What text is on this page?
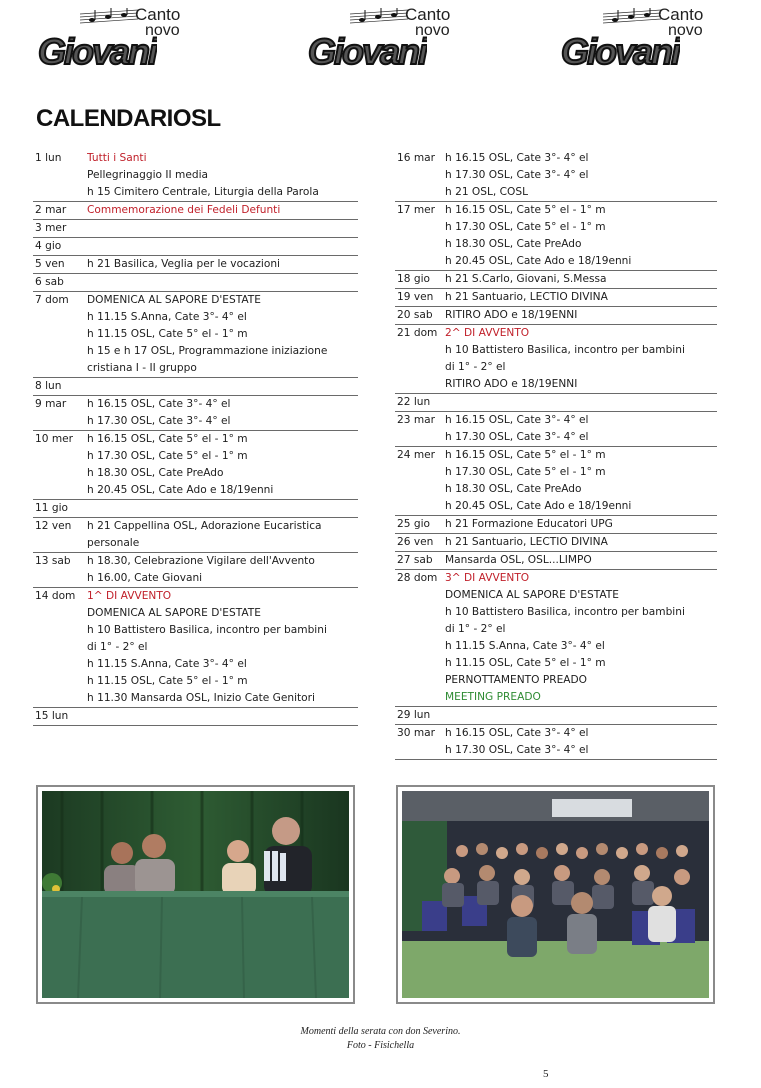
Canto
novo
Giovani
Canto
novo
Giovani
Canto
novo
Giovani
CALENDARIOSL
1 lun	Tutti i Santi
Pellegrinaggio II media
h 15 Cimitero Centrale, Liturgia della Parola
2 mar	Commemorazione dei Fedeli Defunti
3 mer

4 gio

5 ven	h 21 Basilica, Veglia per le vocazioni
6 sab

7 dom	DOMENICA AL SAPORE D'ESTATE
h 11.15 S.Anna, Cate 3°- 4° el
h 11.15 OSL, Cate 5° el - 1° m
h 15 e h 17 OSL, Programmazione iniziazione
cristiana I - II gruppo
8 lun

9 mar	h 16.15 OSL, Cate 3°- 4° el
h 17.30 OSL, Cate 3°- 4° el
10 mer	h 16.15 OSL, Cate 5° el - 1° m
h 17.30 OSL, Cate 5° el - 1° m
h 18.30 OSL, Cate PreAdo
h 20.45 OSL, Cate Ado e 18/19enni
11 gio

12 ven	h 21 Cappellina OSL, Adorazione Eucaristica
personale
13 sab	h 18.30, Celebrazione Vigilare dell'Avvento
h 16.00, Cate Giovani
14 dom	1^ DI AVVENTO
DOMENICA AL SAPORE D'ESTATE
h 10 Battistero Basilica, incontro per bambini
di 1° - 2° el
h 11.15 S.Anna, Cate 3°- 4° el
h 11.15 OSL, Cate 5° el - 1° m
h 11.30 Mansarda OSL, Inizio Cate Genitori
15 lun

16 mar h 16.15 OSL, Cate 3°- 4° el
h 17.30 OSL, Cate 3°- 4° el
h 21 OSL, COSL
17 mer h 16.15 OSL, Cate 5° el - 1° m
h 17.30 OSL, Cate 5° el - 1° m
h 18.30 OSL, Cate PreAdo
h 20.45 OSL, Cate Ado e 18/19enni
18 gio	h 21 S.Carlo, Giovani, S.Messa
19 ven	h 21 Santuario, LECTIO DIVINA
20 sab	RITIRO ADO e 18/19ENNI
21 dom 2^ DI AVVENTO
h 10 Battistero Basilica, incontro per bambini
di 1° - 2° el
RITIRO ADO e 18/19ENNI
22 lun

23 mar h 16.15 OSL, Cate 3°- 4° el
h 17.30 OSL, Cate 3°- 4° el
24 mer h 16.15 OSL, Cate 5° el - 1° m
h 17.30 OSL, Cate 5° el - 1° m
h 18.30 OSL, Cate PreAdo
h 20.45 OSL, Cate Ado e 18/19enni
25 gio	h 21 Formazione Educatori UPG
26 ven	h 21 Santuario, LECTIO DIVINA
27 sab	Mansarda OSL, OSL...LIMPO
28 dom 3^ DI AVVENTO
DOMENICA AL SAPORE D'ESTATE
h 10 Battistero Basilica, incontro per bambini
di 1° - 2° el
h 11.15 S.Anna, Cate 3°- 4° el
h 11.15 OSL, Cate 5° el - 1° m
PERNOTTAMENTO PREADO
MEETING PREADO
29 lun

30 mar h 16.15 OSL, Cate 3°- 4° el
h 17.30 OSL, Cate 3°- 4° el
Momenti della serata con don Severino.
Foto - Fisichella
5
